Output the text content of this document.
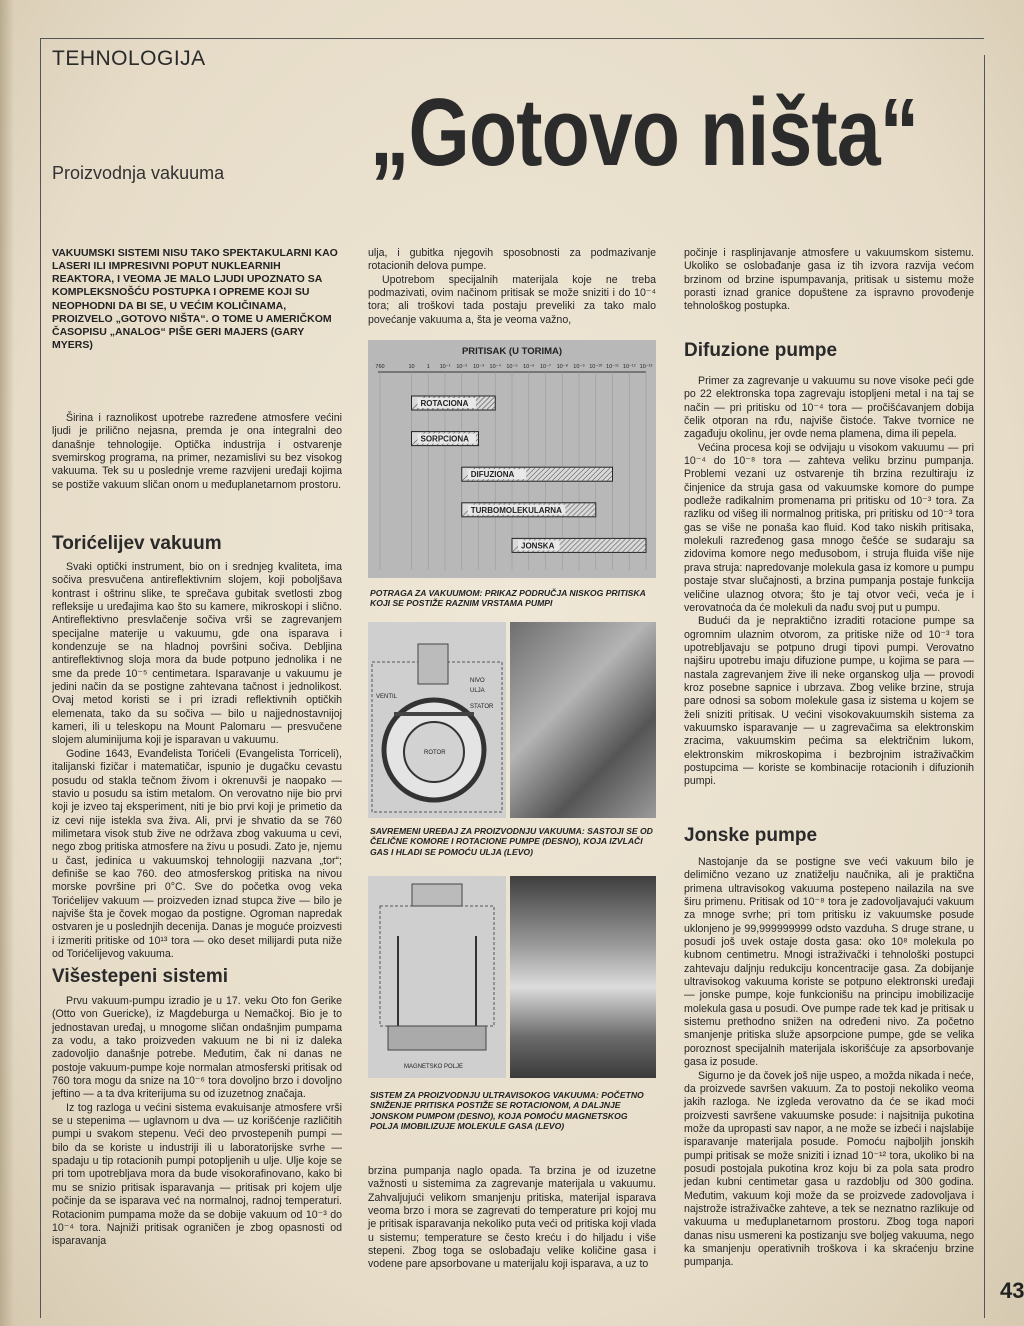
TEHNOLOGIJA
Proizvodnja vakuuma „Gotovo ništa“
VAKUUMSKI SISTEMI NISU TAKO SPEKTAKULARNI KAO LASERI ILI IMPRESIVNI POPUT NUKLEARNIH REAKTORA, I VEOMA JE MALO LJUDI UPOZNATO SA KOMPLEKSNOŠĆU POSTUPKA I OPREME KOJI SU NEOPHODNI DA BI SE, U VEĆIM KOLIČINAMA, PROIZVELO „GOTOVO NIŠTA“. O TOME U AMERIČKOM ČASOPISU „ANALOG“ PIŠE GERI MAJERS (GARY MYERS)

Širina i raznolikost upotrebe razređene atmosfere većini ljudi je prilično nejasna, premda je ona integralni deo današnje tehnologije. Optička industrija i ostvarenje svemirskog programa, na primer, nezamislivi su bez visokog vakuuma. Tek su u poslednje vreme razvijeni uređaji kojima se postiže vakuum sličan onom u međuplanetarnom prostoru.

Torićelijev vakuum

Svaki optički instrument, bio on i srednjeg kvaliteta, ima sočiva presvučena antireflektivnim slojem, koji poboljšava kontrast i oštrinu slike, te sprečava gubitak svetlosti zbog refleksije u uređajima kao što su kamere, mikroskopi i slično. Antireflektivno presvlačenje sočiva vrši se zagrevanjem specijalne materije u vakuumu, gde ona isparava i kondenzuje se na hladnoj površini sočiva. Debljina antireflektivnog sloja mora da bude potpuno jednolika i ne sme da prede 10⁻⁵ centimetara. Isparavanje u vakuumu je jedini način da se postigne zahtevana tačnost i jednolikost. Ovaj metod koristi se i pri izradi reflektivnih optičkih elemenata, tako da su sočiva — bilo u najjednostavnijoj kameri, ili u teleskopu na Mount Palomaru — presvučene slojem aluminijuma koji je isparavan u vakuumu.

Godine 1643, Evanđelista Torićeli (Evangelista Torriceli), italijanski fizičar i matematičar, ispunio je dugačku cevastu posudu od stakla tečnom živom i okrenuvši je naopako — stavio u posudu sa istim metalom. On verovatno nije bio prvi koji je izveo taj eksperiment, niti je bio prvi koji je primetio da iz cevi nije istekla sva živa. Ali, prvi je shvatio da se 760 milimetara visok stub žive ne održava zbog vakuuma u cevi, nego zbog pritiska atmosfere na živu u posudi. Zato je, njemu u čast, jedinica u vakuumskoj tehnologiji nazvana „tor“; definiše se kao 760. deo atmosferskog pritiska na nivou morske površine pri 0°C. Sve do početka ovog veka Torićelijev vakuum — proizveden iznad stupca žive — bilo je najviše šta je čovek mogao da postigne. Ogroman napredak ostvaren je u poslednjih decenija. Danas je moguće proizvesti i izmeriti pritiske od 10¹³ tora — oko deset milijardi puta niže od Torićelijevog vakuuma.

Višestepeni sistemi

Prvu vakuum-pumpu izradio je u 17. veku Oto fon Gerike (Otto von Guericke), iz Magdeburga u Nemačkoj. Bio je to jednostavan uređaj, u mnogome sličan ondašnjim pumpama za vodu, a tako proizveden vakuum ne bi ni iz daleka zadovoljio današnje potrebe. Međutim, čak ni danas ne postoje vakuum-pumpe koje normalan atmosferski pritisak od 760 tora mogu da snize na 10⁻⁶ tora dovoljno brzo i dovoljno jeftino — a ta dva kriterijuma su od izuzetnog značaja.

Iz tog razloga u većini sistema evakuisanje atmosfere vrši se u stepenima — uglavnom u dva — uz korišćenje različitih pumpi u svakom stepenu. Veći deo prvostepenih pumpi — bilo da se koriste u industriji ili u laboratorijske svrhe — spadaju u tip rotacionih pumpi potopljenih u ulje. Ulje koje se pri tom upotrebljava mora da bude visokorafinovano, kako bi mu se snizio pritisak isparavanja — pritisak pri kojem ulje počinje da se isparava već na normalnoj, radnoj temperaturi. Rotacionim pumpama može da se dobije vakuum od 10⁻³ do 10⁻⁴ tora. Najniži pritisak ograničen je zbog opasnosti od isparavanja

ulja, i gubitka njegovih sposobnosti za podmazivanje rotacionih delova pumpe.

Upotrebom specijalnih materijala koje ne treba podmazivati, ovim načinom pritisak se može sniziti i do 10⁻⁴ tora; ali troškovi tada postaju preveliki za tako malo povećanje vakuuma a, šta je veoma važno,

PRITISAK (U TORIMA)
760	10 1 10⁻¹ 10⁻² 10⁻³ 10⁻⁴ 10⁻⁵ 10⁻⁶ 10⁻⁷ 10⁻⁸ 10⁻⁹ 10⁻¹⁰ 10⁻¹¹ 10⁻¹² 10⁻¹³
ROTACIONA
SORPCIONA
DIFUZIONA
TURBOMOLEKULARNA
JONSKA
POTRAGA ZA VAKUUMOM: PRIKAZ PODRUČJA NISKOG PRITISKA KOJI SE POSTIŽE RAZNIM VRSTAMA PUMPI
VENTIL
NIVO
ULJA
STATOR
ROTOR
SAVREMENI UREĐAJ ZA PROIZVODNJU VAKUUMA: SASTOJI SE OD ČELIČNE KOMORE I ROTACIONE PUMPE (DESNO), KOJA IZVLAČI GAS I HLADI SE POMOĆU ULJA (LEVO)
MAGNETSKO POLJE
SISTEM ZA PROIZVODNJU ULTRAVISOKOG VAKUUMA: POČETNO SNIŽENJE PRITISKA POSTIŽE SE ROTACIONOM, A DALJNJE JONSKOM PUMPOM (DESNO), KOJA POMOĆU MAGNETSKOG POLJA IMOBILIZUJE MOLEKULE GASA (LEVO)

brzina pumpanja naglo opada. Ta brzina je od izuzetne važnosti u sistemima za zagrevanje materijala u vakuumu. Zahvaljujući velikom smanjenju pritiska, materijal isparava veoma brzo i mora se zagrevati do temperature pri kojoj mu je pritisak isparavanja nekoliko puta veći od pritiska koji vlada u sistemu; temperature se često kreću i do hiljadu i više stepeni. Zbog toga se oslobađaju velike količine gasa i vodene pare apsorbovane u materijalu koji isparava, a uz to

počinje i rasplinjavanje atmosfere u vakuumskom sistemu. Ukoliko se oslobađanje gasa iz tih izvora razvija većom brzinom od brzine ispumpavanja, pritisak u sistemu može porasti iznad granice dopuštene za ispravno provođenje tehnološkog postupka.

Difuzione pumpe

Primer za zagrevanje u vakuumu su nove visoke peći gde po 22 elektronska topa zagrevaju istopljeni metal i na taj se način — pri pritisku od 10⁻⁴ tora — pročišćavanjem dobija čelik otporan na rđu, najviše čistoće. Takve tvornice ne zagađuju okolinu, jer ovde nema plamena, dima ili pepela.

Većina procesa koji se odvijaju u visokom vakuumu — pri 10⁻⁴ do 10⁻⁸ tora — zahteva veliku brzinu pumpanja. Problemi vezani uz ostvarenje tih brzina rezultiraju iz činjenice da struja gasa od vakuumske komore do pumpe podleže radikalnim promenama pri pritisku od 10⁻³ tora. Za razliku od višeg ili normalnog pritiska, pri pritisku od 10⁻³ tora gas se više ne ponaša kao fluid. Kod tako niskih pritisaka, molekuli razređenog gasa mnogo češće se sudaraju sa zidovima komore nego međusobom, i struja fluida više nije prava struja: napredovanje molekula gasa iz komore u pumpu postaje stvar slučajnosti, a brzina pumpanja postaje funkcija veličine ulaznog otvora; što je taj otvor veći, veća je i verovatnoća da će molekuli da nađu svoj put u pumpu.

Budući da je nepraktično izraditi rotacione pumpe sa ogromnim ulaznim otvorom, za pritiske niže od 10⁻³ tora upotrebljavaju se potpuno drugi tipovi pumpi. Verovatno najširu upotrebu imaju difuzione pumpe, u kojima se para — nastala zagrevanjem žive ili neke organskog ulja — provodi kroz posebne sapnice i ubrzava. Zbog velike brzine, struja pare odnosi sa sobom molekule gasa iz sistema u kojem se želi sniziti pritisak. U većini visokovakuumskih sistema za vakuumsko isparavanje — u zagrevačima sa elektronskim zracima, vakuumskim pećima sa električnim lukom, elektronskim mikroskopima i bezbrojnim istraživačkim postupcima — koriste se kombinacije rotacionih i difuzionih pumpi.

Jonske pumpe

Nastojanje da se postigne sve veći vakuum bilo je delimično vezano uz znatiželju naučnika, ali je praktična primena ultravisokog vakuuma postepeno nailazila na sve širu primenu. Pritisak od 10⁻⁸ tora je zadovoljavajući vakuum za mnoge svrhe; pri tom pritisku iz vakuumske posude uklonjeno je 99,999999999 odsto vazduha. S druge strane, u posudi još uvek ostaje dosta gasa: oko 10⁸ molekula po kubnom centimetru. Mnogi istraživački i tehnološki postupci zahtevaju daljnju redukciju koncentracije gasa. Za dobijanje ultravisokog vakuuma koriste se potpuno elektronski uređaji — jonske pumpe, koje funkcionišu na principu imobilizacije molekula gasa u posudi. Ove pumpe rade tek kad je pritisak u sistemu prethodno snižen na određeni nivo. Za početno smanjenje pritiska služe apsorpcione pumpe, gde se velika poroznost specijalnih materijala iskorišćuje za apsorbovanje gasa iz posude.

Sigurno je da čovek još nije uspeo, a možda nikada i neće, da proizvede savršen vakuum. Za to postoji nekoliko veoma jakih razloga. Ne izgleda verovatno da će se ikad moći proizvesti savršene vakuumske posude: i najsitnija pukotina može da upropasti sav napor, a ne može se izbeći i najslabije isparavanje materijala posude. Pomoću najboljih jonskih pumpi pritisak se može sniziti i iznad 10⁻¹² tora, ukoliko bi na posudi postojala pukotina kroz koju bi za pola sata prodro jedan kubni centimetar gasa u razdoblju od 300 godina. Međutim, vakuum koji može da se proizvede zadovoljava i najstrože istraživačke zahteve, a tek se neznatno razlikuje od vakuuma u međuplanetarnom prostoru. Zbog toga napori danas nisu usmereni ka postizanju sve boljeg vakuuma, nego ka smanjenju operativnih troškova i ka skraćenju brzine pumpanja.

43
